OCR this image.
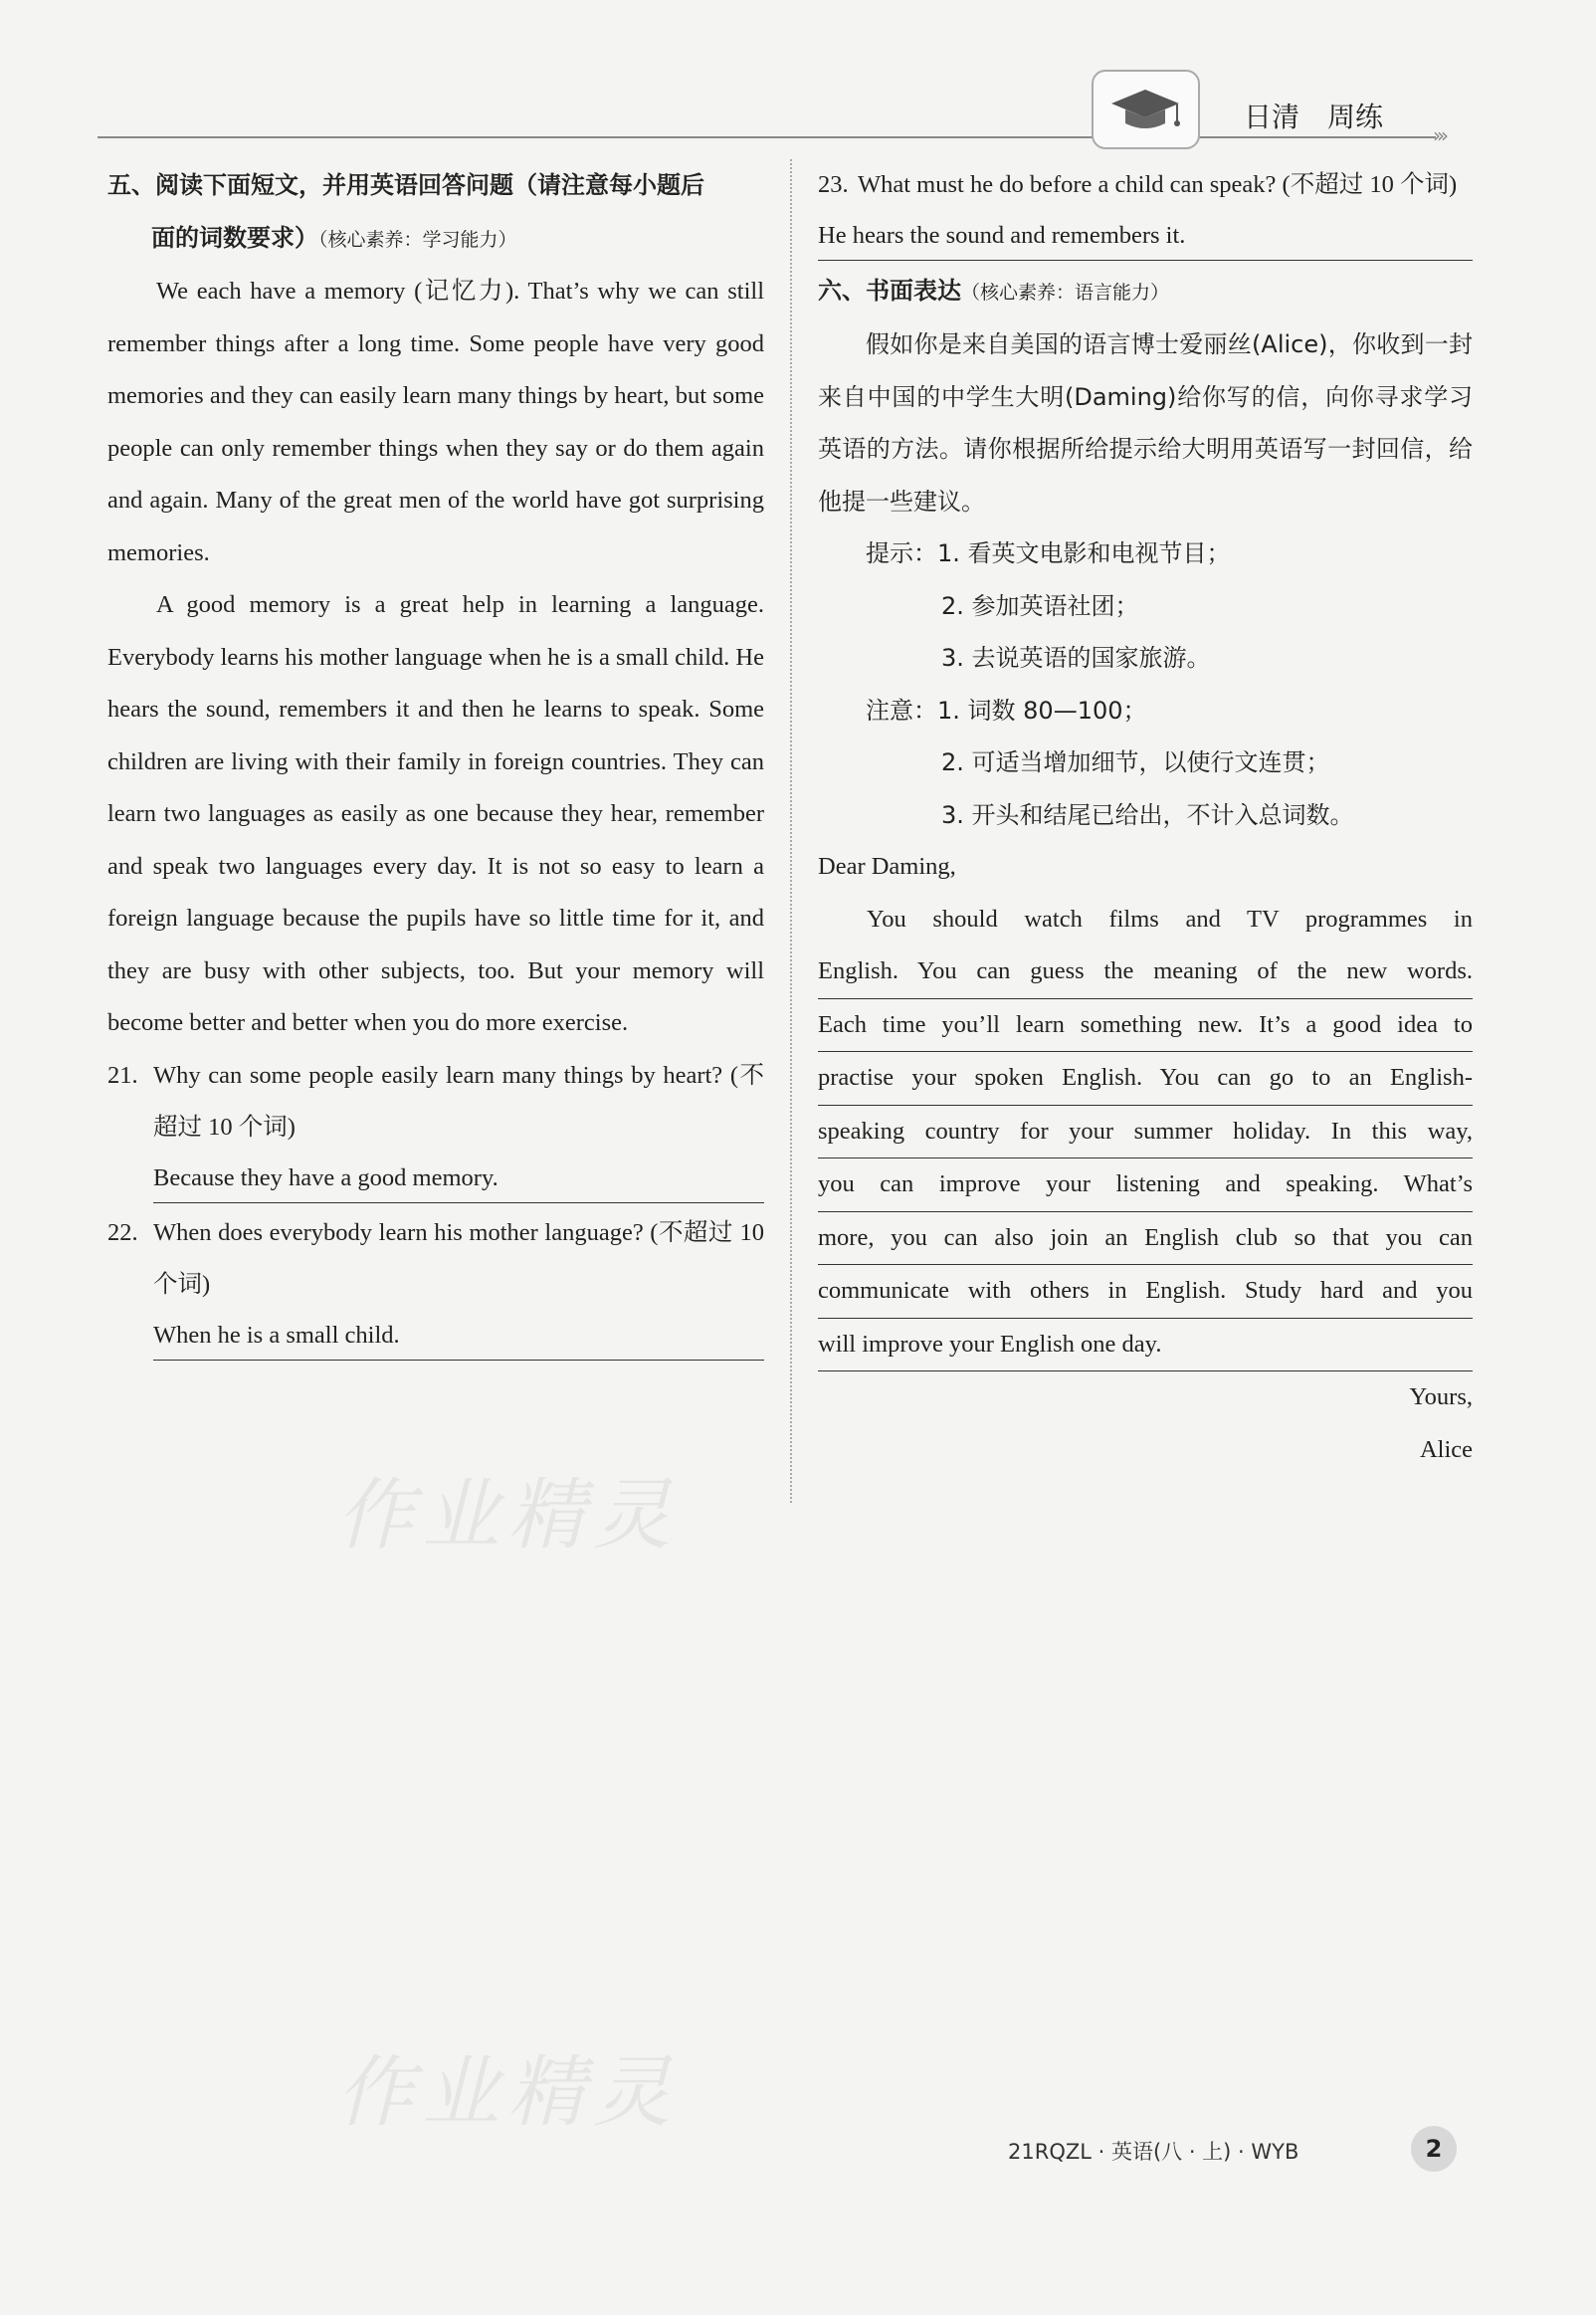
›››
日清　周练
五、阅读下面短文，并用英语回答问题（请注意每小题后
面的词数要求）（核心素养：学习能力）

We each have a memory (记忆力). That’s why we can still remember things after a long time. Some people have very good memories and they can easily learn many things by heart, but some people can only remember things when they say or do them again and again. Many of the great men of the world have got surprising memories.

A good memory is a great help in learning a language. Everybody learns his mother language when he is a small child. He hears the sound, remembers it and then he learns to speak. Some children are living with their family in foreign countries. They can learn two languages as easily as one because they hear, remember and speak two languages every day. It is not so easy to learn a foreign language because the pupils have so little time for it, and they are busy with other subjects, too. But your memory will become better and better when you do more exercise.

21. Why can some people easily learn many things by heart? (不超过 10 个词)
Because they have a good memory.
22. When does everybody learn his mother language? (不超过 10 个词)
When he is a small child.
23. What must he do before a child can speak? (不超过 10 个词)
He hears the sound and remembers it.
六、书面表达（核心素养：语言能力）

假如你是来自美国的语言博士爱丽丝(Alice)，你收到一封来自中国的中学生大明(Daming)给你写的信，向你寻求学习英语的方法。请你根据所给提示给大明用英语写一封回信，给他提一些建议。

提示：1. 看英文电影和电视节目；
2. 参加英语社团；
3. 去说英语的国家旅游。
注意：1. 词数 80—100；
2. 可适当增加细节，以使行文连贯；
3. 开头和结尾已给出，不计入总词数。
Dear Daming,
You should watch films and TV programmes in
English. You can guess the meaning of the new words.
Each time you’ll learn something new. It’s a good idea to
practise your spoken English. You can go to an English-
speaking country for your summer holiday. In this way,
you can improve your listening and speaking. What’s
more, you can also join an English club so that you can
communicate with others in English. Study hard and you
will improve your English one day.
Yours,
Alice
作业精灵
作业精灵
21RQZL · 英语(八 · 上) · WYB	2
